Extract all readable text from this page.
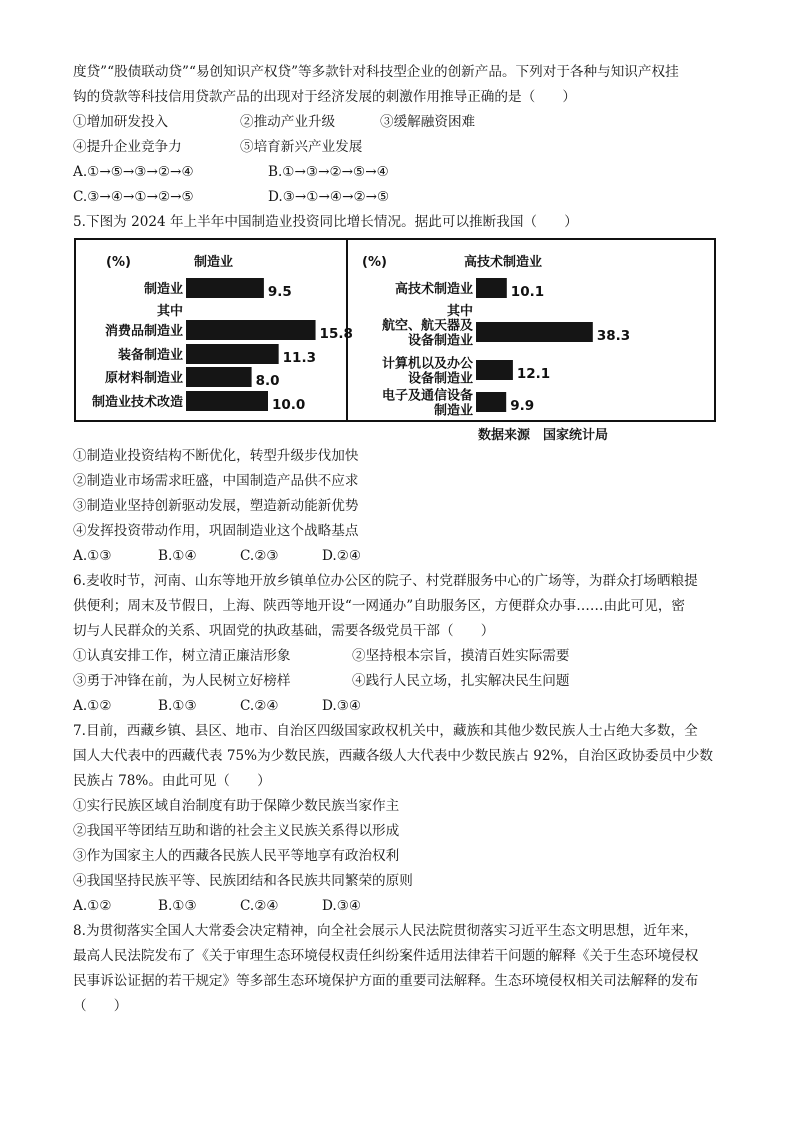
度贷”“股债联动贷”“易创知识产权贷”等多款针对科技型企业的创新产品。下列对于各种与知识产权挂
钩的贷款等科技信用贷款产品的出现对于经济发展的刺激作用推导正确的是（　　）
①增加研发投入	②推动产业升级	③缓解融资困难
④提升企业竞争力	⑤培育新兴产业发展
A.①→⑤→③→②→④	B.①→③→②→⑤→④
C.③→④→①→②→⑤	D.③→①→④→②→⑤
5.下图为 2024 年上半年中国制造业投资同比增长情况。据此可以推断我国（　　）
(%)	制造业	(%)	高技术制造业
制造业	9.5
其中
消费品制造业	15.8
装备制造业	11.3
原材料制造业	8.0
制造业技术改造	10.0
高技术制造业	10.1
其中
航空、航天器及
设备制造业	38.3
计算机以及办公
设备制造业	12.1
电子及通信设备
制造业	9.9
数据来源　国家统计局
①制造业投资结构不断优化，转型升级步伐加快
②制造业市场需求旺盛，中国制造产品供不应求
③制造业坚持创新驱动发展，塑造新动能新优势
④发挥投资带动作用，巩固制造业这个战略基点
A.①③	B.①④	C.②③	D.②④
6.麦收时节，河南、山东等地开放乡镇单位办公区的院子、村党群服务中心的广场等，为群众打场晒粮提
供便利；周末及节假日，上海、陕西等地开设“一网通办”自助服务区，方便群众办事……由此可见，密
切与人民群众的关系、巩固党的执政基础，需要各级党员干部（　　）
①认真安排工作，树立清正廉洁形象	②坚持根本宗旨，摸清百姓实际需要
③勇于冲锋在前，为人民树立好榜样	④践行人民立场，扎实解决民生问题
A.①②	B.①③	C.②④	D.③④
7.目前，西藏乡镇、县区、地市、自治区四级国家政权机关中，藏族和其他少数民族人士占绝大多数，全
国人大代表中的西藏代表 75%为少数民族，西藏各级人大代表中少数民族占 92%，自治区政协委员中少数
民族占 78%。由此可见（　　）
①实行民族区域自治制度有助于保障少数民族当家作主
②我国平等团结互助和谐的社会主义民族关系得以形成
③作为国家主人的西藏各民族人民平等地享有政治权利
④我国坚持民族平等、民族团结和各民族共同繁荣的原则
A.①②	B.①③	C.②④	D.③④
8.为贯彻落实全国人大常委会决定精神，向全社会展示人民法院贯彻落实习近平生态文明思想，近年来，
最高人民法院发布了《关于审理生态环境侵权责任纠纷案件适用法律若干问题的解释《关于生态环境侵权
民事诉讼证据的若干规定》等多部生态环境保护方面的重要司法解释。生态环境侵权相关司法解释的发布
（　　）
